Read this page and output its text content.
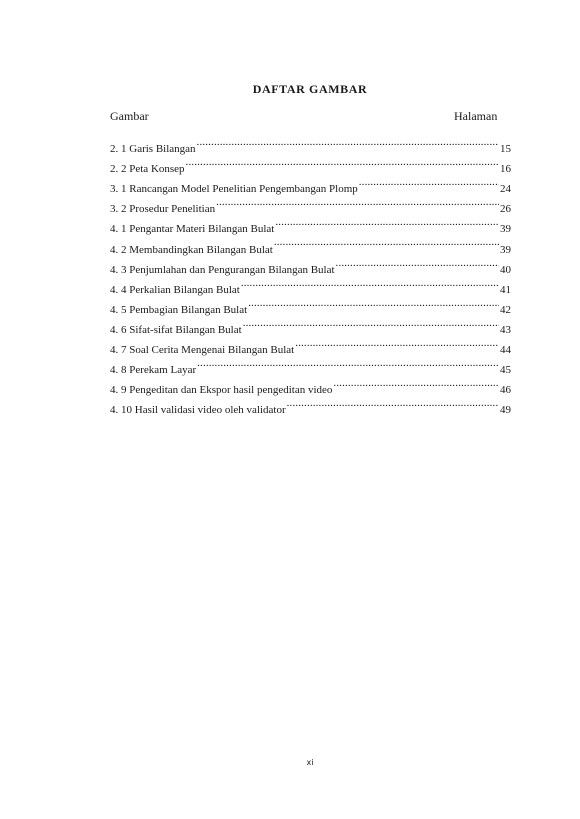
DAFTAR GAMBAR
Gambar	Halaman
2. 1 Garis Bilangan .....	15
2. 2 Peta Konsep .....	16
3. 1 Rancangan Model Penelitian Pengembangan Plomp .....	24
3. 2 Prosedur Penelitian .....	26
4. 1 Pengantar Materi Bilangan Bulat .....	39
4. 2 Membandingkan Bilangan Bulat .....	39
4. 3 Penjumlahan dan Pengurangan Bilangan Bulat .....	40
4. 4 Perkalian Bilangan Bulat .....	41
4. 5 Pembagian Bilangan Bulat .....	42
4. 6 Sifat-sifat Bilangan Bulat .....	43
4. 7 Soal Cerita Mengenai Bilangan Bulat .....	44
4. 8 Perekam Layar .....	45
4. 9 Pengeditan dan Ekspor hasil pengeditan video .....	46
4. 10 Hasil validasi video oleh validator .....	49
xi
